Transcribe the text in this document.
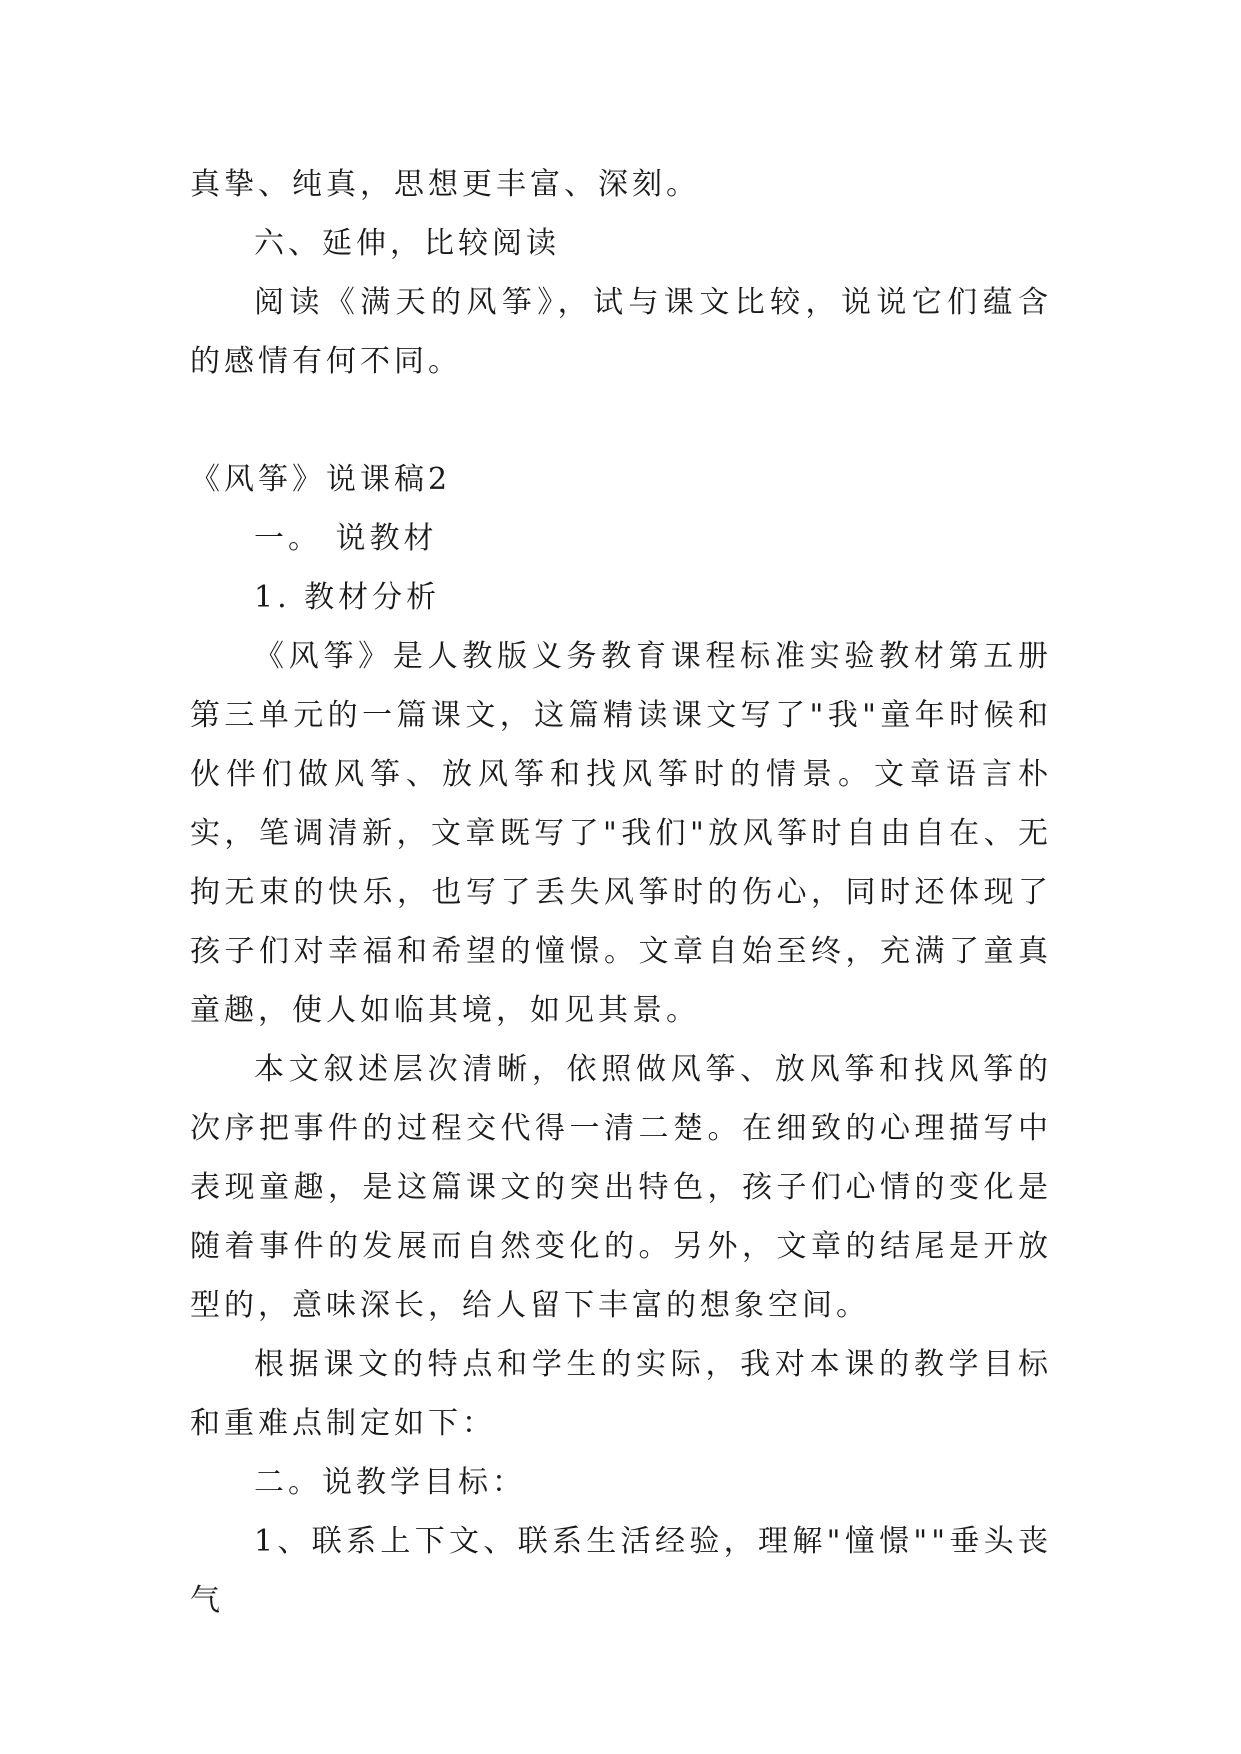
真挚、纯真，思想更丰富、深刻。

六、延伸，比较阅读

阅读《满天的风筝》，试与课文比较，说说它们蕴含的感情有何不同。

《风筝》说课稿2

一。 说教材

1. 教材分析

《风筝》是人教版义务教育课程标准实验教材第五册第三单元的一篇课文，这篇精读课文写了"我"童年时候和伙伴们做风筝、放风筝和找风筝时的情景。文章语言朴实，笔调清新，文章既写了"我们"放风筝时自由自在、无拘无束的快乐，也写了丢失风筝时的伤心，同时还体现了孩子们对幸福和希望的憧憬。文章自始至终，充满了童真童趣，使人如临其境，如见其景。

本文叙述层次清晰，依照做风筝、放风筝和找风筝的次序把事件的过程交代得一清二楚。在细致的心理描写中表现童趣，是这篇课文的突出特色，孩子们心情的变化是随着事件的发展而自然变化的。另外，文章的结尾是开放型的，意味深长，给人留下丰富的想象空间。

根据课文的特点和学生的实际，我对本课的教学目标和重难点制定如下：

二。说教学目标：

1、联系上下文、联系生活经验，理解"憧憬""垂头丧气
